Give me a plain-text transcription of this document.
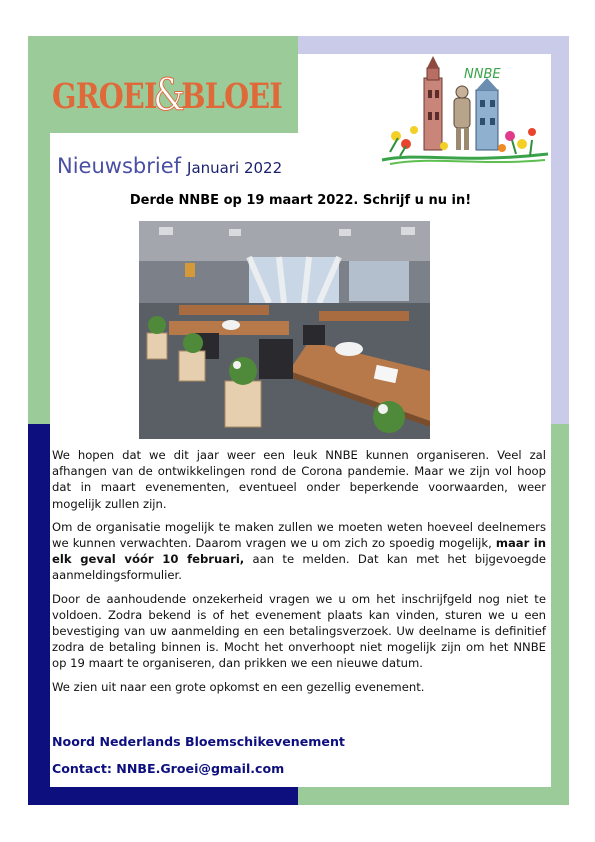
GROEI&BLOEI
NNBE
Nieuwsbrief Januari 2022
Derde NNBE op 19 maart 2022. Schrijf u nu in!

We hopen dat we dit jaar weer een leuk NNBE kunnen organiseren. Veel zal afhangen van de ontwikkelingen rond de Corona pandemie. Maar we zijn vol hoop dat in maart evenementen, eventueel onder beperkende voorwaarden, weer mogelijk zullen zijn.

Om de organisatie mogelijk te maken zullen we moeten weten hoeveel deelnemers we kunnen verwachten. Daarom vragen we u om zich zo spoedig mogelijk, maar in elk geval vóór 10 februari, aan te melden. Dat kan met het bijgevoegde aanmeldingsformulier.

Door de aanhoudende onzekerheid vragen we u om het inschrijfgeld nog niet te voldoen. Zodra bekend is of het evenement plaats kan vinden, sturen we u een bevestiging van uw aanmelding en een betalingsverzoek. Uw deelname is definitief zodra de betaling binnen is. Mocht het onverhoopt niet mogelijk zijn om het NNBE op 19 maart te organiseren, dan prikken we een nieuwe datum.

We zien uit naar een grote opkomst en een gezellig evenement.

Noord Nederlands Bloemschikevenement
Contact: NNBE.Groei@gmail.com
